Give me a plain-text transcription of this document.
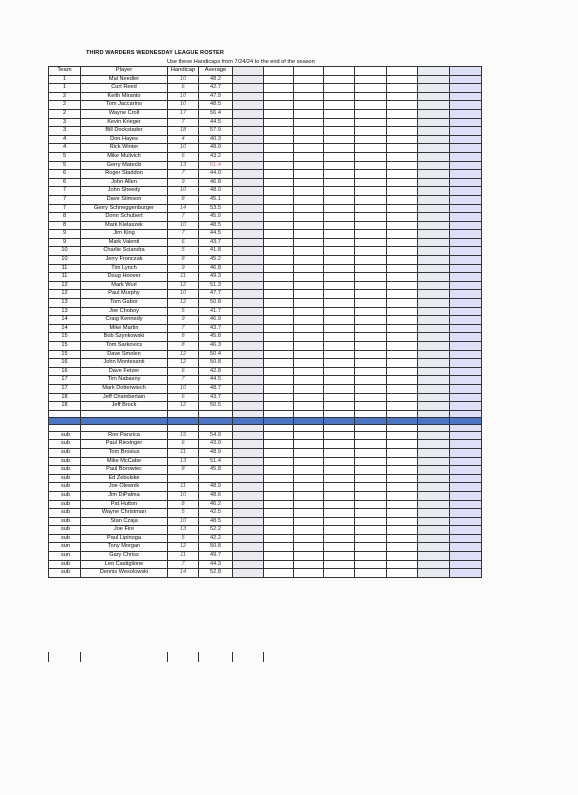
THIRD WARDERS WEDNESDAY LEAGUE ROSTER
Use these Handicaps from 7/24/24 to the end of the season
Team	Player	Handicap	Average								
1	Mal Needler	10	48.2								
1	Curt Reed	6	42.7								
2	Keith Miranto	10	47.9								
2	Tom Jaccarino	10	48.5								
2	Wayne Croll	17	56.4								
3	Kevin Krieger	7	44.5								
3	Bill Dockstader	18	57.9								
4	Don Hayes	4	40.3								
4	Rick Winter	10	48.0								
5	Mike Mulivich	6	43.2								
5	Gerry Matecki	13	51.4								
6	Roger Staddon	7	44.0								
6	John Allen	9	46.8								
7	John Sheedy	10	48.0								
7	Dave Stimson	8	45.1								
7	Gerry Schneggenburger	14	53.5								
8	Donn Schubert	7	45.0								
8	Mark Kielaszek	10	48.5								
9	Jim King	7	44.5								
9	Mark Valenti	6	43.7								
10	Charlie Sciandra	5	41.8								
10	Jerry Fronczak	8	45.2								
11	Tim Lynch	9	46.8								
11	Doug Hoover	11	49.3								
12	Mark Wurl	12	51.3								
12	Paul Murphy	10	47.7								
13	Tom Gabor	12	50.8								
13	Joe Choboy	5	41.7								
14	Craig Kennedy	9	46.9								
14	Mike Martin	7	43.7								
15	Bob Szynkowski	8	45.8								
15	Tom Sarkovics	8	46.3								
15	Dave Smolen	12	50.4								
16	John Montesanti	12	50.8								
16	Dave Fetzer	6	42.8								
17	Tim Nabasny	7	44.5								
17	Mark Dotterwiech	10	48.7								
18	Jeff Chamberlain	6	43.7								
18	Jeff Brock	12	50.5								

sub	Ron Panzica	15	54.9								
sub	Paul Riexinger	6	43.0								
sub	Tom Brosius	11	48.9								
sub	Mike McCabe	13	51.4								
sub	Paul Borowiec	8	45.8								
sub	Ed Zebulske										
sub	Joe Olewnik	11	48.9								
sub	Jim DiPalma	10	48.6								
sub	Pat Hutton	8	46.2								
sub	Wayne Christman	5	42.5								
sub	Stan Czaja	10	48.5								
sub	Joe Fire	13	52.2								
sub	Paul Lipinoga	5	42.2								
sun	Tony Morgan	12	50.8								
sun	Gary Chriss	11	49.7								
sub	Leo Castiglione	7	44.3								
sub	Dennis Wesolowski	14	52.8								
